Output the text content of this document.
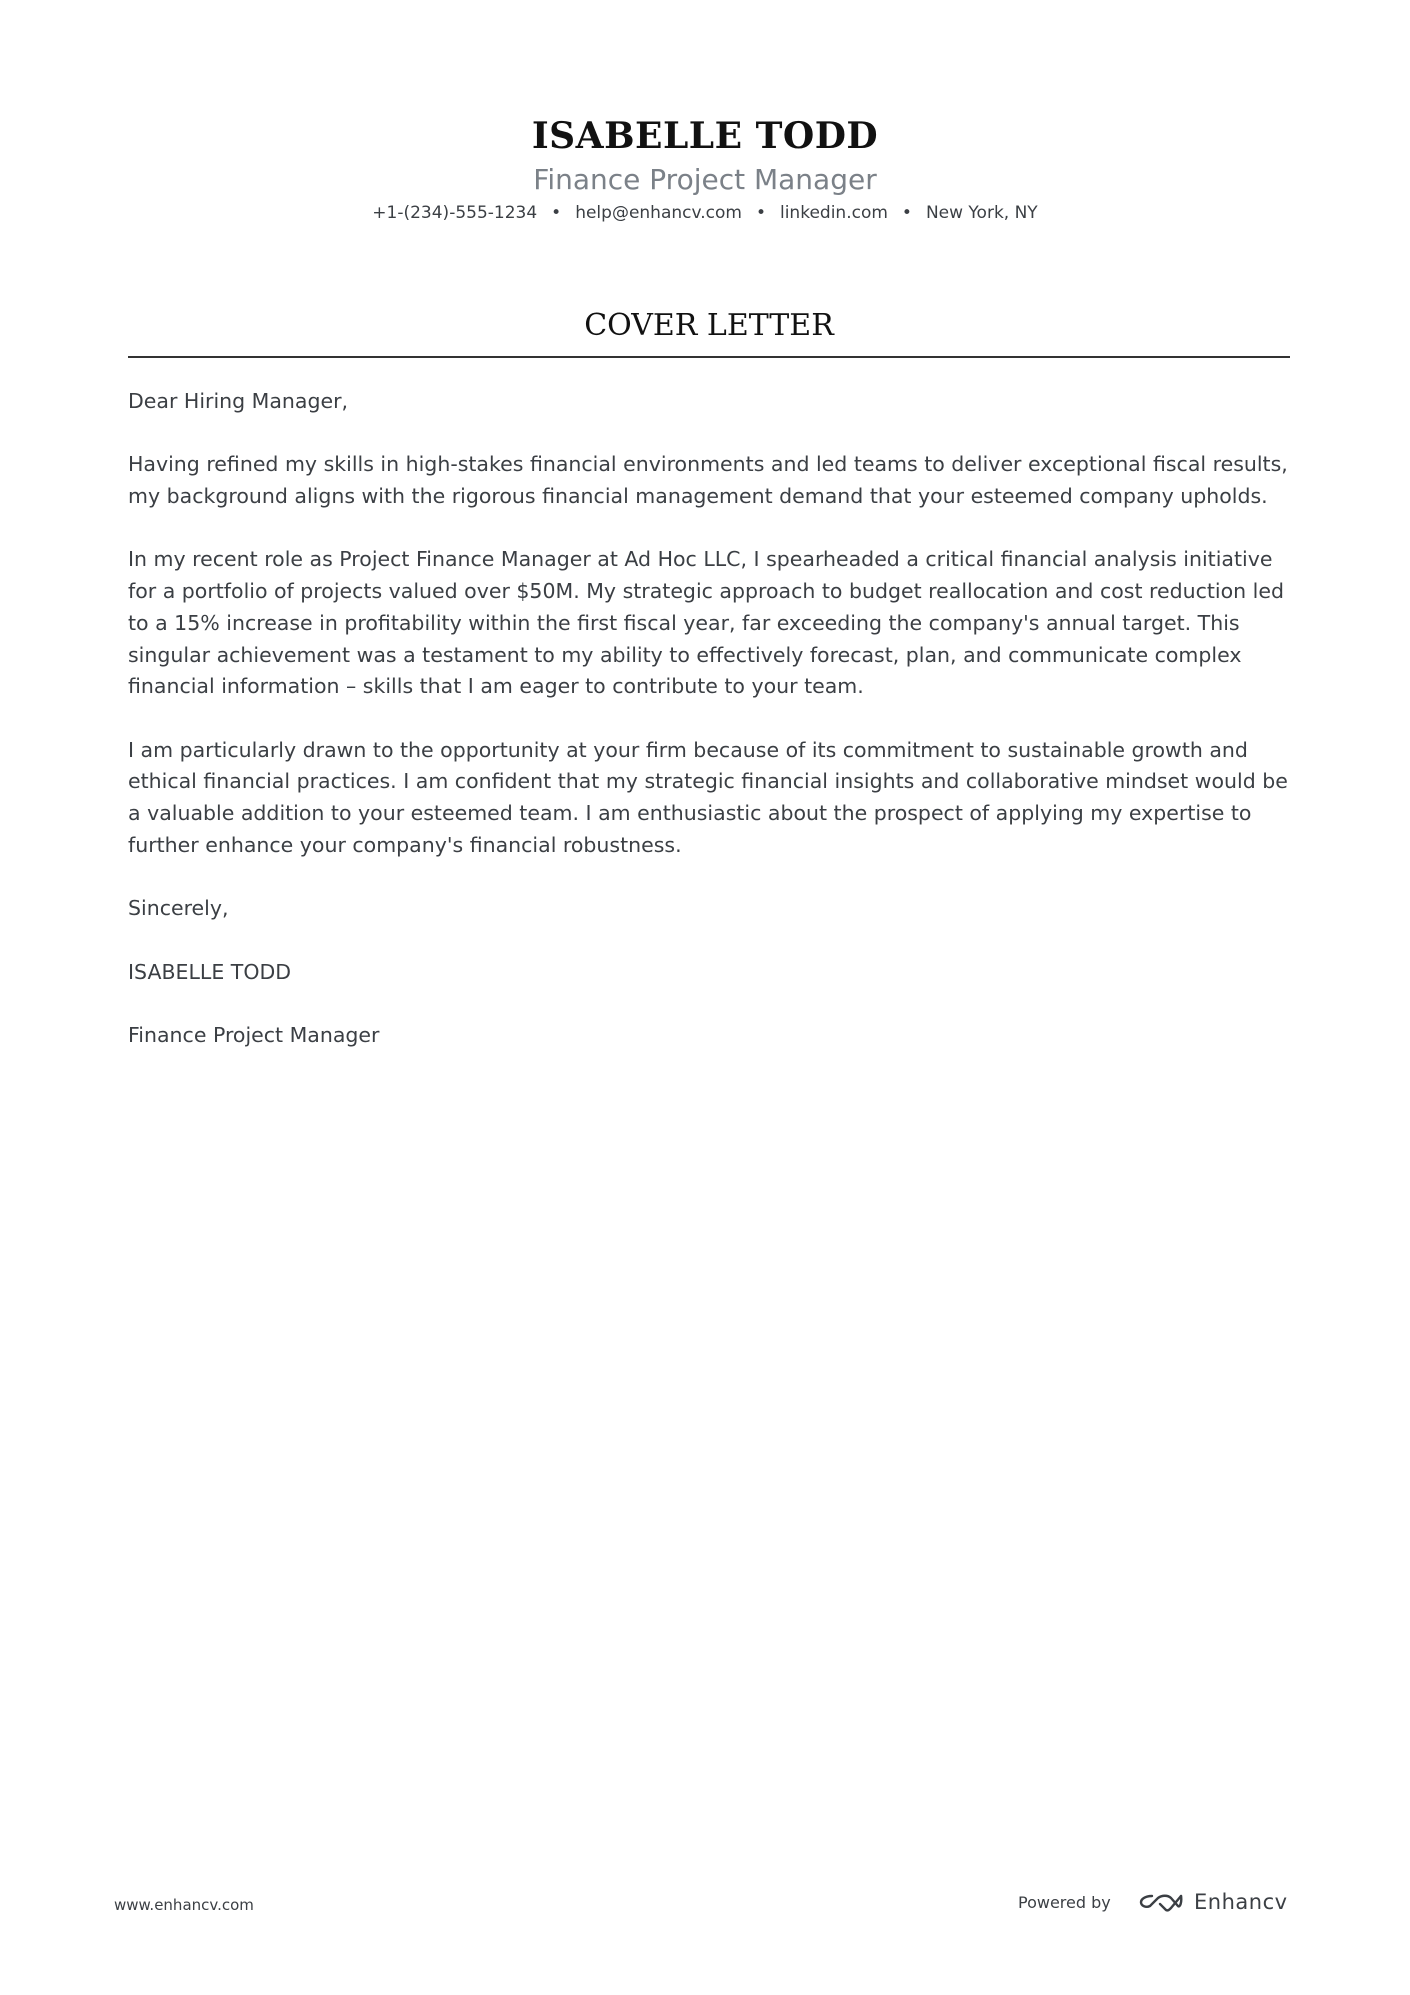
ISABELLE TODD
Finance Project Manager
+1-(234)-555-1234 • help@enhancv.com • linkedin.com • New York, NY
COVER LETTER

Dear Hiring Manager,

Having refined my skills in high-stakes financial environments and led teams to deliver exceptional fiscal results, my background aligns with the rigorous financial management demand that your esteemed company upholds.

In my recent role as Project Finance Manager at Ad Hoc LLC, I spearheaded a critical financial analysis initiative for a portfolio of projects valued over $50M. My strategic approach to budget reallocation and cost reduction led to a 15% increase in profitability within the first fiscal year, far exceeding the company's annual target. This singular achievement was a testament to my ability to effectively forecast, plan, and communicate complex financial information – skills that I am eager to contribute to your team.

I am particularly drawn to the opportunity at your firm because of its commitment to sustainable growth and ethical financial practices. I am confident that my strategic financial insights and collaborative mindset would be a valuable addition to your esteemed team. I am enthusiastic about the prospect of applying my expertise to further enhance your company's financial robustness.

Sincerely,

ISABELLE TODD

Finance Project Manager

www.enhancv.com	Powered by	Enhancv
